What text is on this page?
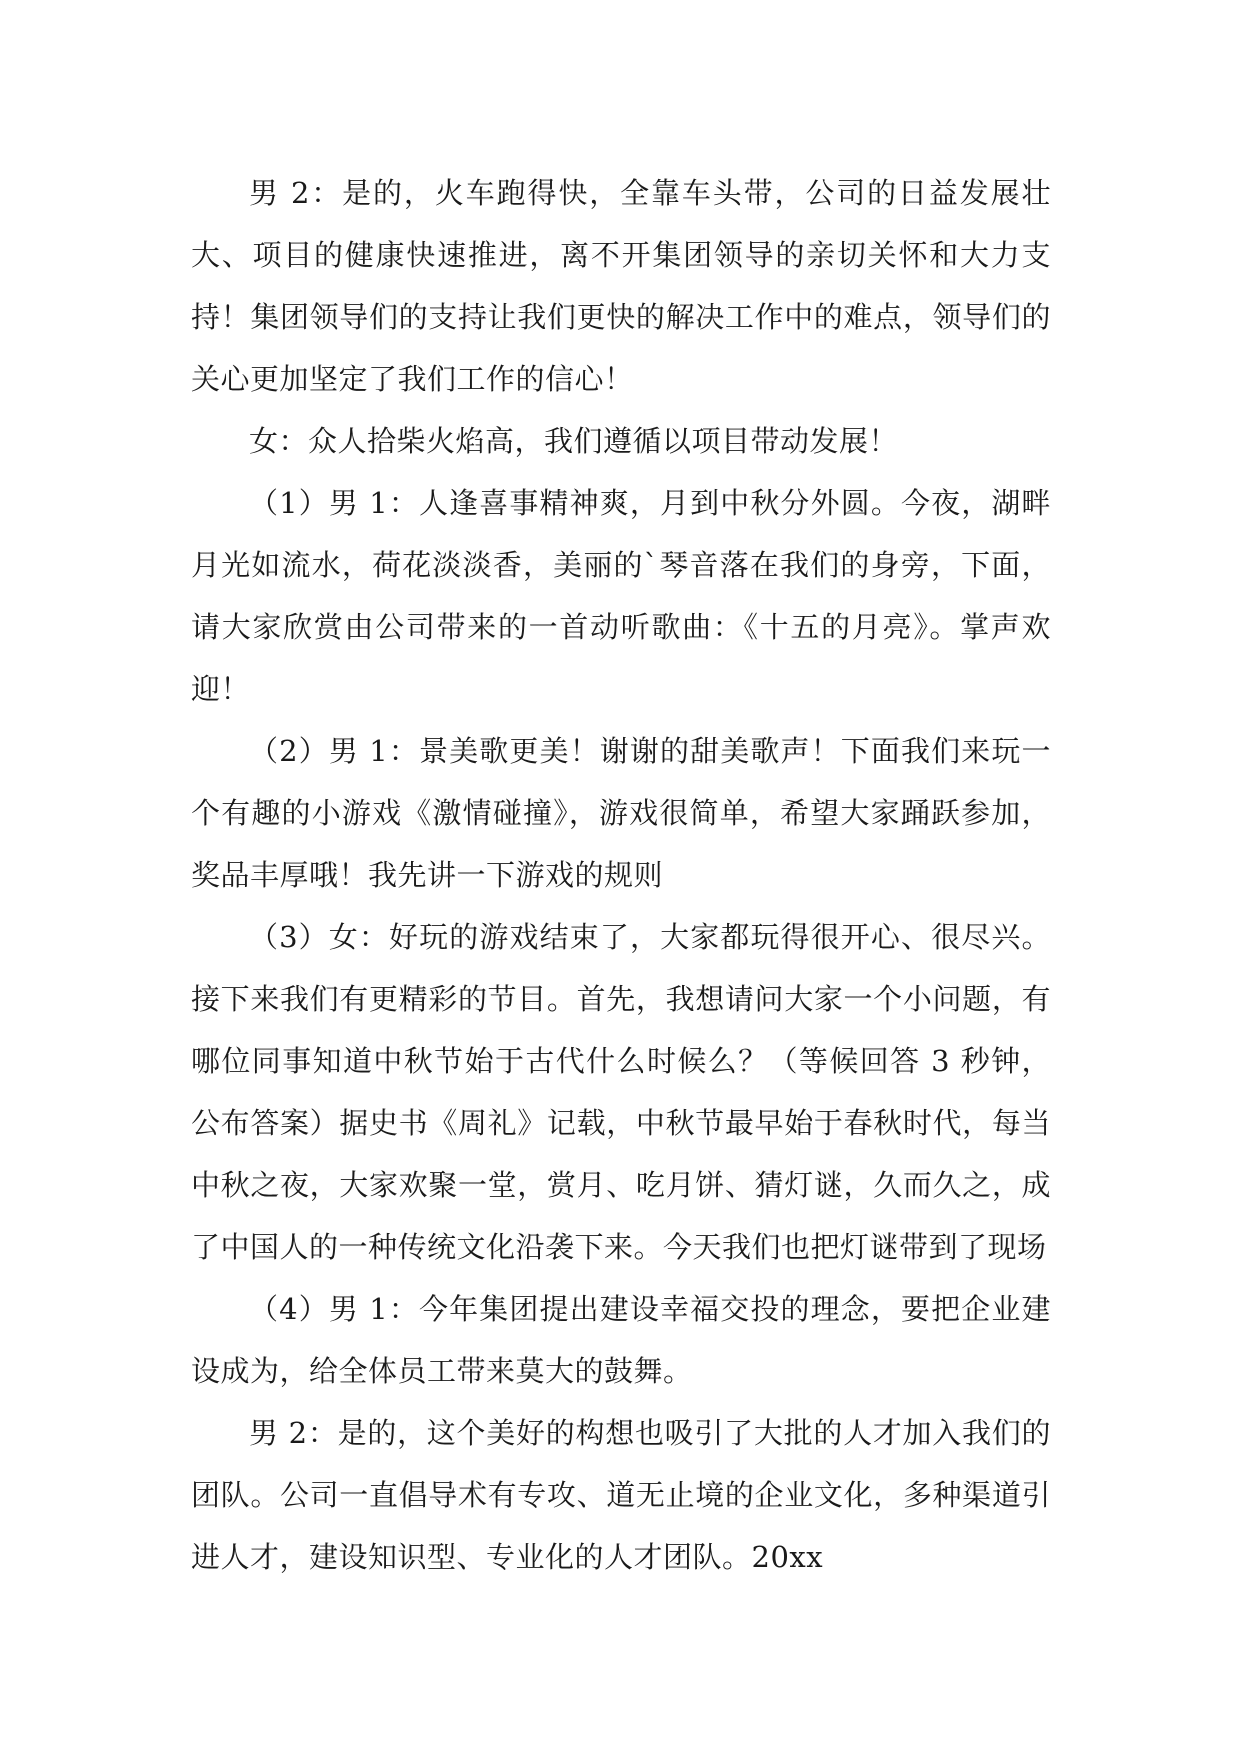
男 2：是的，火车跑得快，全靠车头带，公司的日益发展壮大、项目的健康快速推进，离不开集团领导的亲切关怀和大力支持！集团领导们的支持让我们更快的解决工作中的难点，领导们的关心更加坚定了我们工作的信心！

女：众人拾柴火焰高，我们遵循以项目带动发展！

（1）男 1：人逢喜事精神爽，月到中秋分外圆。今夜，湖畔月光如流水，荷花淡淡香，美丽的`琴音落在我们的身旁，下面，请大家欣赏由公司带来的一首动听歌曲：《十五的月亮》。掌声欢迎！

（2）男 1：景美歌更美！谢谢的甜美歌声！下面我们来玩一个有趣的小游戏《激情碰撞》，游戏很简单，希望大家踊跃参加，奖品丰厚哦！我先讲一下游戏的规则

（3）女：好玩的游戏结束了，大家都玩得很开心、很尽兴。接下来我们有更精彩的节目。首先，我想请问大家一个小问题，有哪位同事知道中秋节始于古代什么时候么？（等候回答 3 秒钟，公布答案）据史书《周礼》记载，中秋节最早始于春秋时代，每当中秋之夜，大家欢聚一堂，赏月、吃月饼、猜灯谜，久而久之，成了中国人的一种传统文化沿袭下来。今天我们也把灯谜带到了现场

（4）男 1：今年集团提出建设幸福交投的理念，要把企业建设成为，给全体员工带来莫大的鼓舞。

男 2：是的，这个美好的构想也吸引了大批的人才加入我们的团队。公司一直倡导术有专攻、道无止境的企业文化，多种渠道引进人才，建设知识型、专业化的人才团队。20xx
